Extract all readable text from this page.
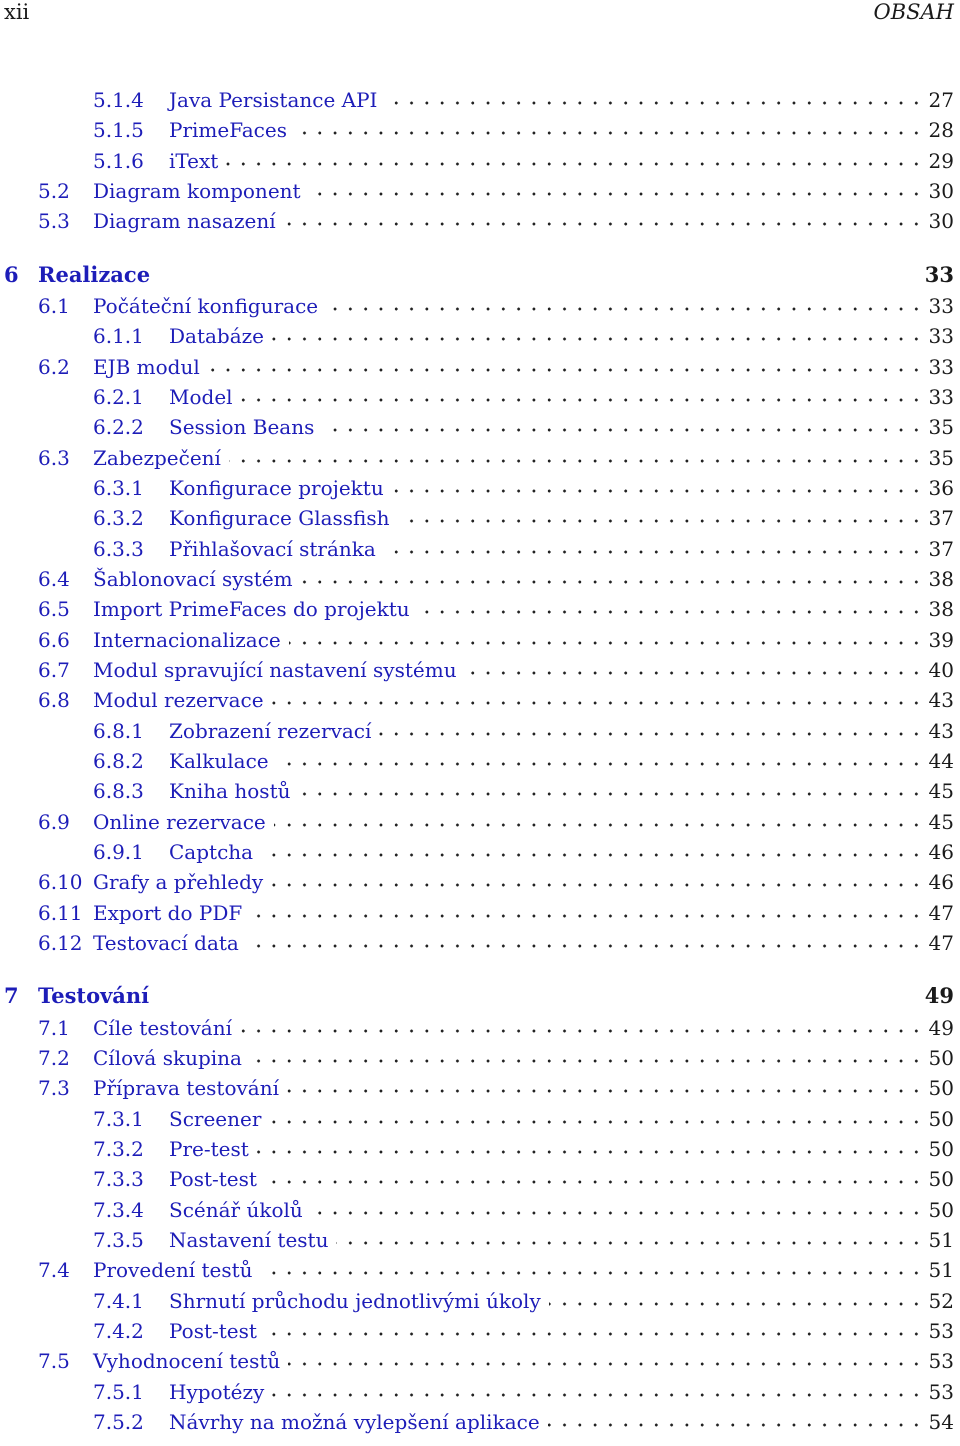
xii	OBSAH
5.1.4 Java Persistance API	27
5.1.5 PrimeFaces	28
5.1.6 iText	29
5.2 Diagram komponent	30
5.3 Diagram nasazení	30
6 Realizace	33
6.1 Počáteční konfigurace	33
6.1.1 Databáze	33
6.2 EJB modul	33
6.2.1 Model	33
6.2.2 Session Beans	35
6.3 Zabezpečení	35
6.3.1 Konfigurace projektu	36
6.3.2 Konfigurace Glassfish	37
6.3.3 Přihlašovací stránka	37
6.4 Šablonovací systém	38
6.5 Import PrimeFaces do projektu	38
6.6 Internacionalizace	39
6.7 Modul spravující nastavení systému	40
6.8 Modul rezervace	43
6.8.1 Zobrazení rezervací	43
6.8.2 Kalkulace	44
6.8.3 Kniha hostů	45
6.9 Online rezervace	45
6.9.1 Captcha	46
6.10 Grafy a přehledy	46
6.11 Export do PDF	47
6.12 Testovací data	47
7 Testování	49
7.1 Cíle testování	49
7.2 Cílová skupina	50
7.3 Příprava testování	50
7.3.1 Screener	50
7.3.2 Pre-test	50
7.3.3 Post-test	50
7.3.4 Scénář úkolů	50
7.3.5 Nastavení testu	51
7.4 Provedení testů	51
7.4.1 Shrnutí průchodu jednotlivými úkoly	52
7.4.2 Post-test	53
7.5 Vyhodnocení testů	53
7.5.1 Hypotézy	53
7.5.2 Návrhy na možná vylepšení aplikace	54
